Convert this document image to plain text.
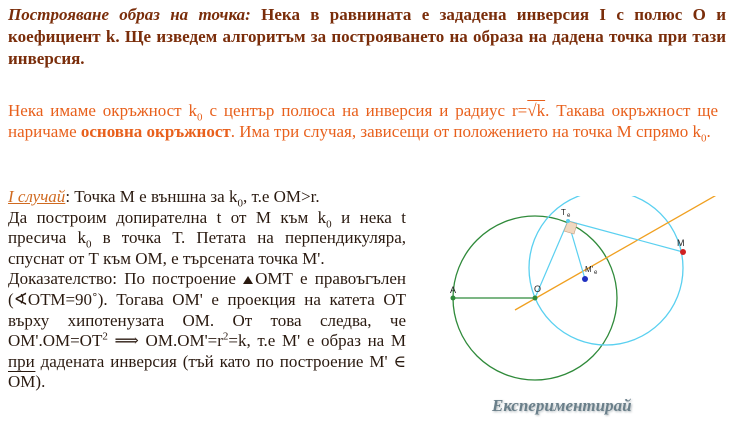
Построяване образ на точка: Нека в равнината е зададена инверсия I с полюс О и коефициент k. Ще изведем алгоритъм за построяването на образа на дадена точка при тази инверсия.
Нека имаме окръжност $k_0$ с център полюса на инверсия и радиус r=√k. Такава окръжност ще наричаме основна окръжност. Има три случая, зависещи от положението на точка М спрямо $k_0$.
I случай: Точка М е външна за $k_0$, т.е ОМ>r.
Да построим допирателна t от М към $k_0$ и нека t пресича $k_0$ в точка Т. Петата на перпендикуляра, спуснат от Т към ОМ, е търсената точка М'.
Доказателство: По построение ОМТ е правоъгълен (∢ОТМ=90˚). Тогава ОМ' е проекция на катета ОТ върху хипотенузата ОМ. От това следва, че $ОМ'.ОМ=ОТ^2$ ⟹ $ОМ.ОМ'=r^2=k$, т.е М' е образ на М при дадената инверсия (тъй като по построение М' ∈ ОМ).
A	O
M
M' e
T e
Експериментирай
